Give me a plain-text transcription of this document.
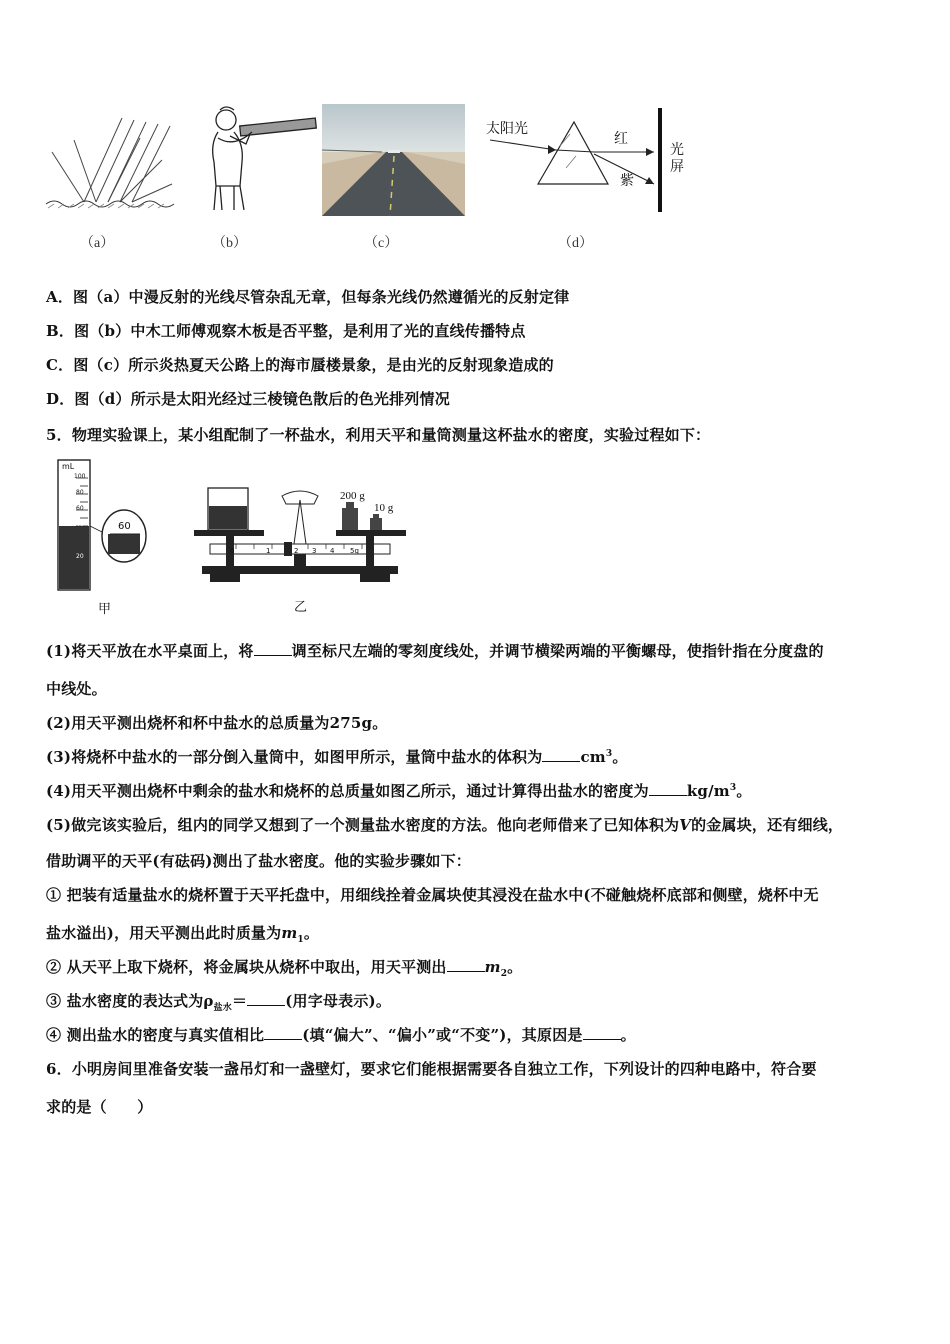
太阳光
红
紫
光屏
（a）	（b）	（c）	（d）
A．图（a）中漫反射的光线尽管杂乱无章，但每条光线仍然遵循光的反射定律
B．图（b）中木工师傅观察木板是否平整，是利用了光的直线传播特点
C．图（c）所示炎热夏天公路上的海市蜃楼景象，是由光的反射现象造成的
D．图（d）所示是太阳光经过三棱镜色散后的色光排列情况
5．物理实验课上，某小组配制了一杯盐水，利用天平和量筒测量这杯盐水的密度，实验过程如下：
mL
100
80
60
40
20
60
甲
200 g
10 g
0	1	2 3 4 5g
乙
(1)将天平放在水平桌面上，将	调至标尺左端的零刻度线处，并调节横梁两端的平衡螺母，使指针指在分度盘的
中线处。
(2)用天平测出烧杯和杯中盐水的总质量为275g。
(3)将烧杯中盐水的一部分倒入量筒中，如图甲所示，量筒中盐水的体积为	$cm^3$。
(4)用天平测出烧杯中剩余的盐水和烧杯的总质量如图乙所示，通过计算得出盐水的密度为	$kg/m^3$。
(5)做完该实验后，组内的同学又想到了一个测量盐水密度的方法。他向老师借来了已知体积为V的金属块，还有细线，
借助调平的天平(有砝码)测出了盐水密度。他的实验步骤如下：
① 把装有适量盐水的烧杯置于天平托盘中，用细线拴着金属块使其浸没在盐水中(不碰触烧杯底部和侧壁，烧杯中无
盐水溢出)，用天平测出此时质量为$m_1$。
② 从天平上取下烧杯，将金属块从烧杯中取出，用天平测出	$m_2$。
③ 盐水密度的表达式为$\rho_{盐水}=$	(用字母表示)。
④ 测出盐水的密度与真实值相比	(填“偏大”、“偏小”或“不变”)，其原因是	。
6．小明房间里准备安装一盏吊灯和一盏壁灯，要求它们能根据需要各自独立工作，下列设计的四种电路中，符合要
求的是（　　）
